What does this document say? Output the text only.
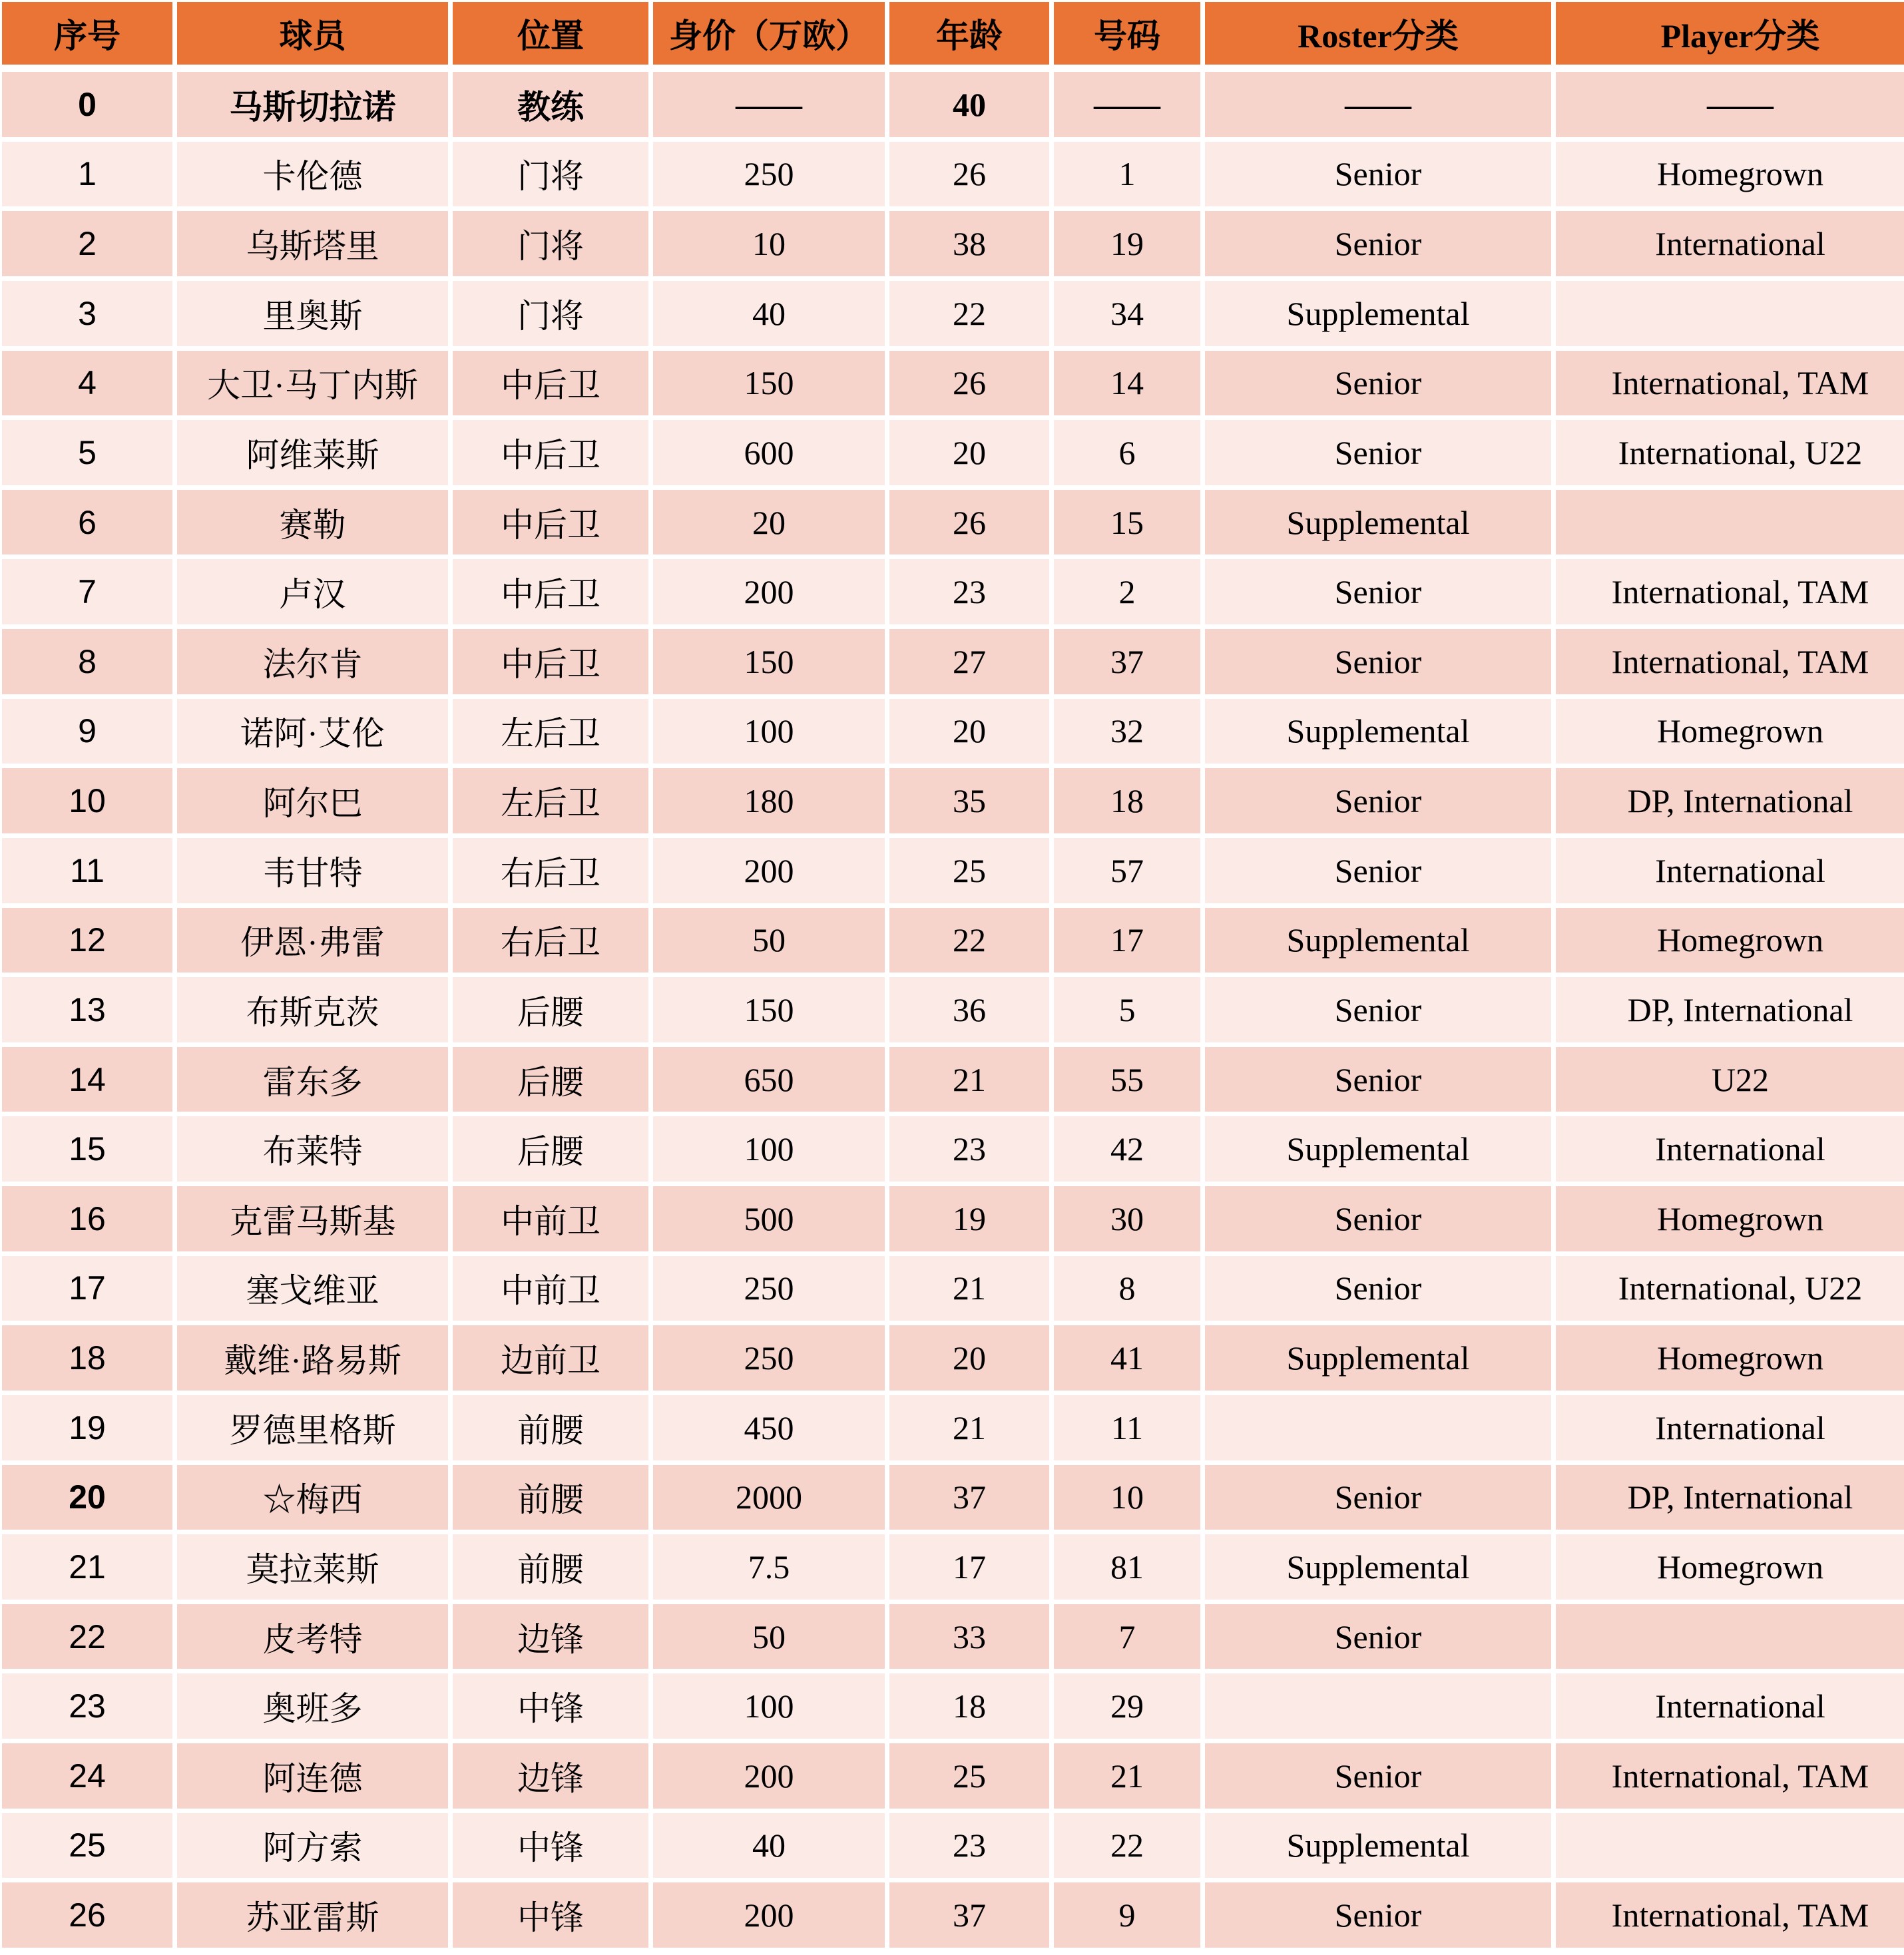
序号	球员	位置	身价（万欧）	年龄	号码	Roster分类	Player分类
0	马斯切拉诺	教练	——	40	——	——	——
1	卡伦德	门将	250	26	1	Senior	Homegrown
2	乌斯塔里	门将	10	38	19	Senior	International
3	里奥斯	门将	40	22	34	Supplemental	
4	大卫·马丁内斯	中后卫	150	26	14	Senior	International, TAM
5	阿维莱斯	中后卫	600	20	6	Senior	International, U22
6	赛勒	中后卫	20	26	15	Supplemental	
7	卢汉	中后卫	200	23	2	Senior	International, TAM
8	法尔肯	中后卫	150	27	37	Senior	International, TAM
9	诺阿·艾伦	左后卫	100	20	32	Supplemental	Homegrown
10	阿尔巴	左后卫	180	35	18	Senior	DP, International
11	韦甘特	右后卫	200	25	57	Senior	International
12	伊恩·弗雷	右后卫	50	22	17	Supplemental	Homegrown
13	布斯克茨	后腰	150	36	5	Senior	DP, International
14	雷东多	后腰	650	21	55	Senior	U22
15	布莱特	后腰	100	23	42	Supplemental	International
16	克雷马斯基	中前卫	500	19	30	Senior	Homegrown
17	塞戈维亚	中前卫	250	21	8	Senior	International, U22
18	戴维·路易斯	边前卫	250	20	41	Supplemental	Homegrown
19	罗德里格斯	前腰	450	21	11		International
20	☆梅西	前腰	2000	37	10	Senior	DP, International
21	莫拉莱斯	前腰	7.5	17	81	Supplemental	Homegrown
22	皮考特	边锋	50	33	7	Senior	
23	奥班多	中锋	100	18	29		International
24	阿连德	边锋	200	25	21	Senior	International, TAM
25	阿方索	中锋	40	23	22	Supplemental	
26	苏亚雷斯	中锋	200	37	9	Senior	International, TAM
